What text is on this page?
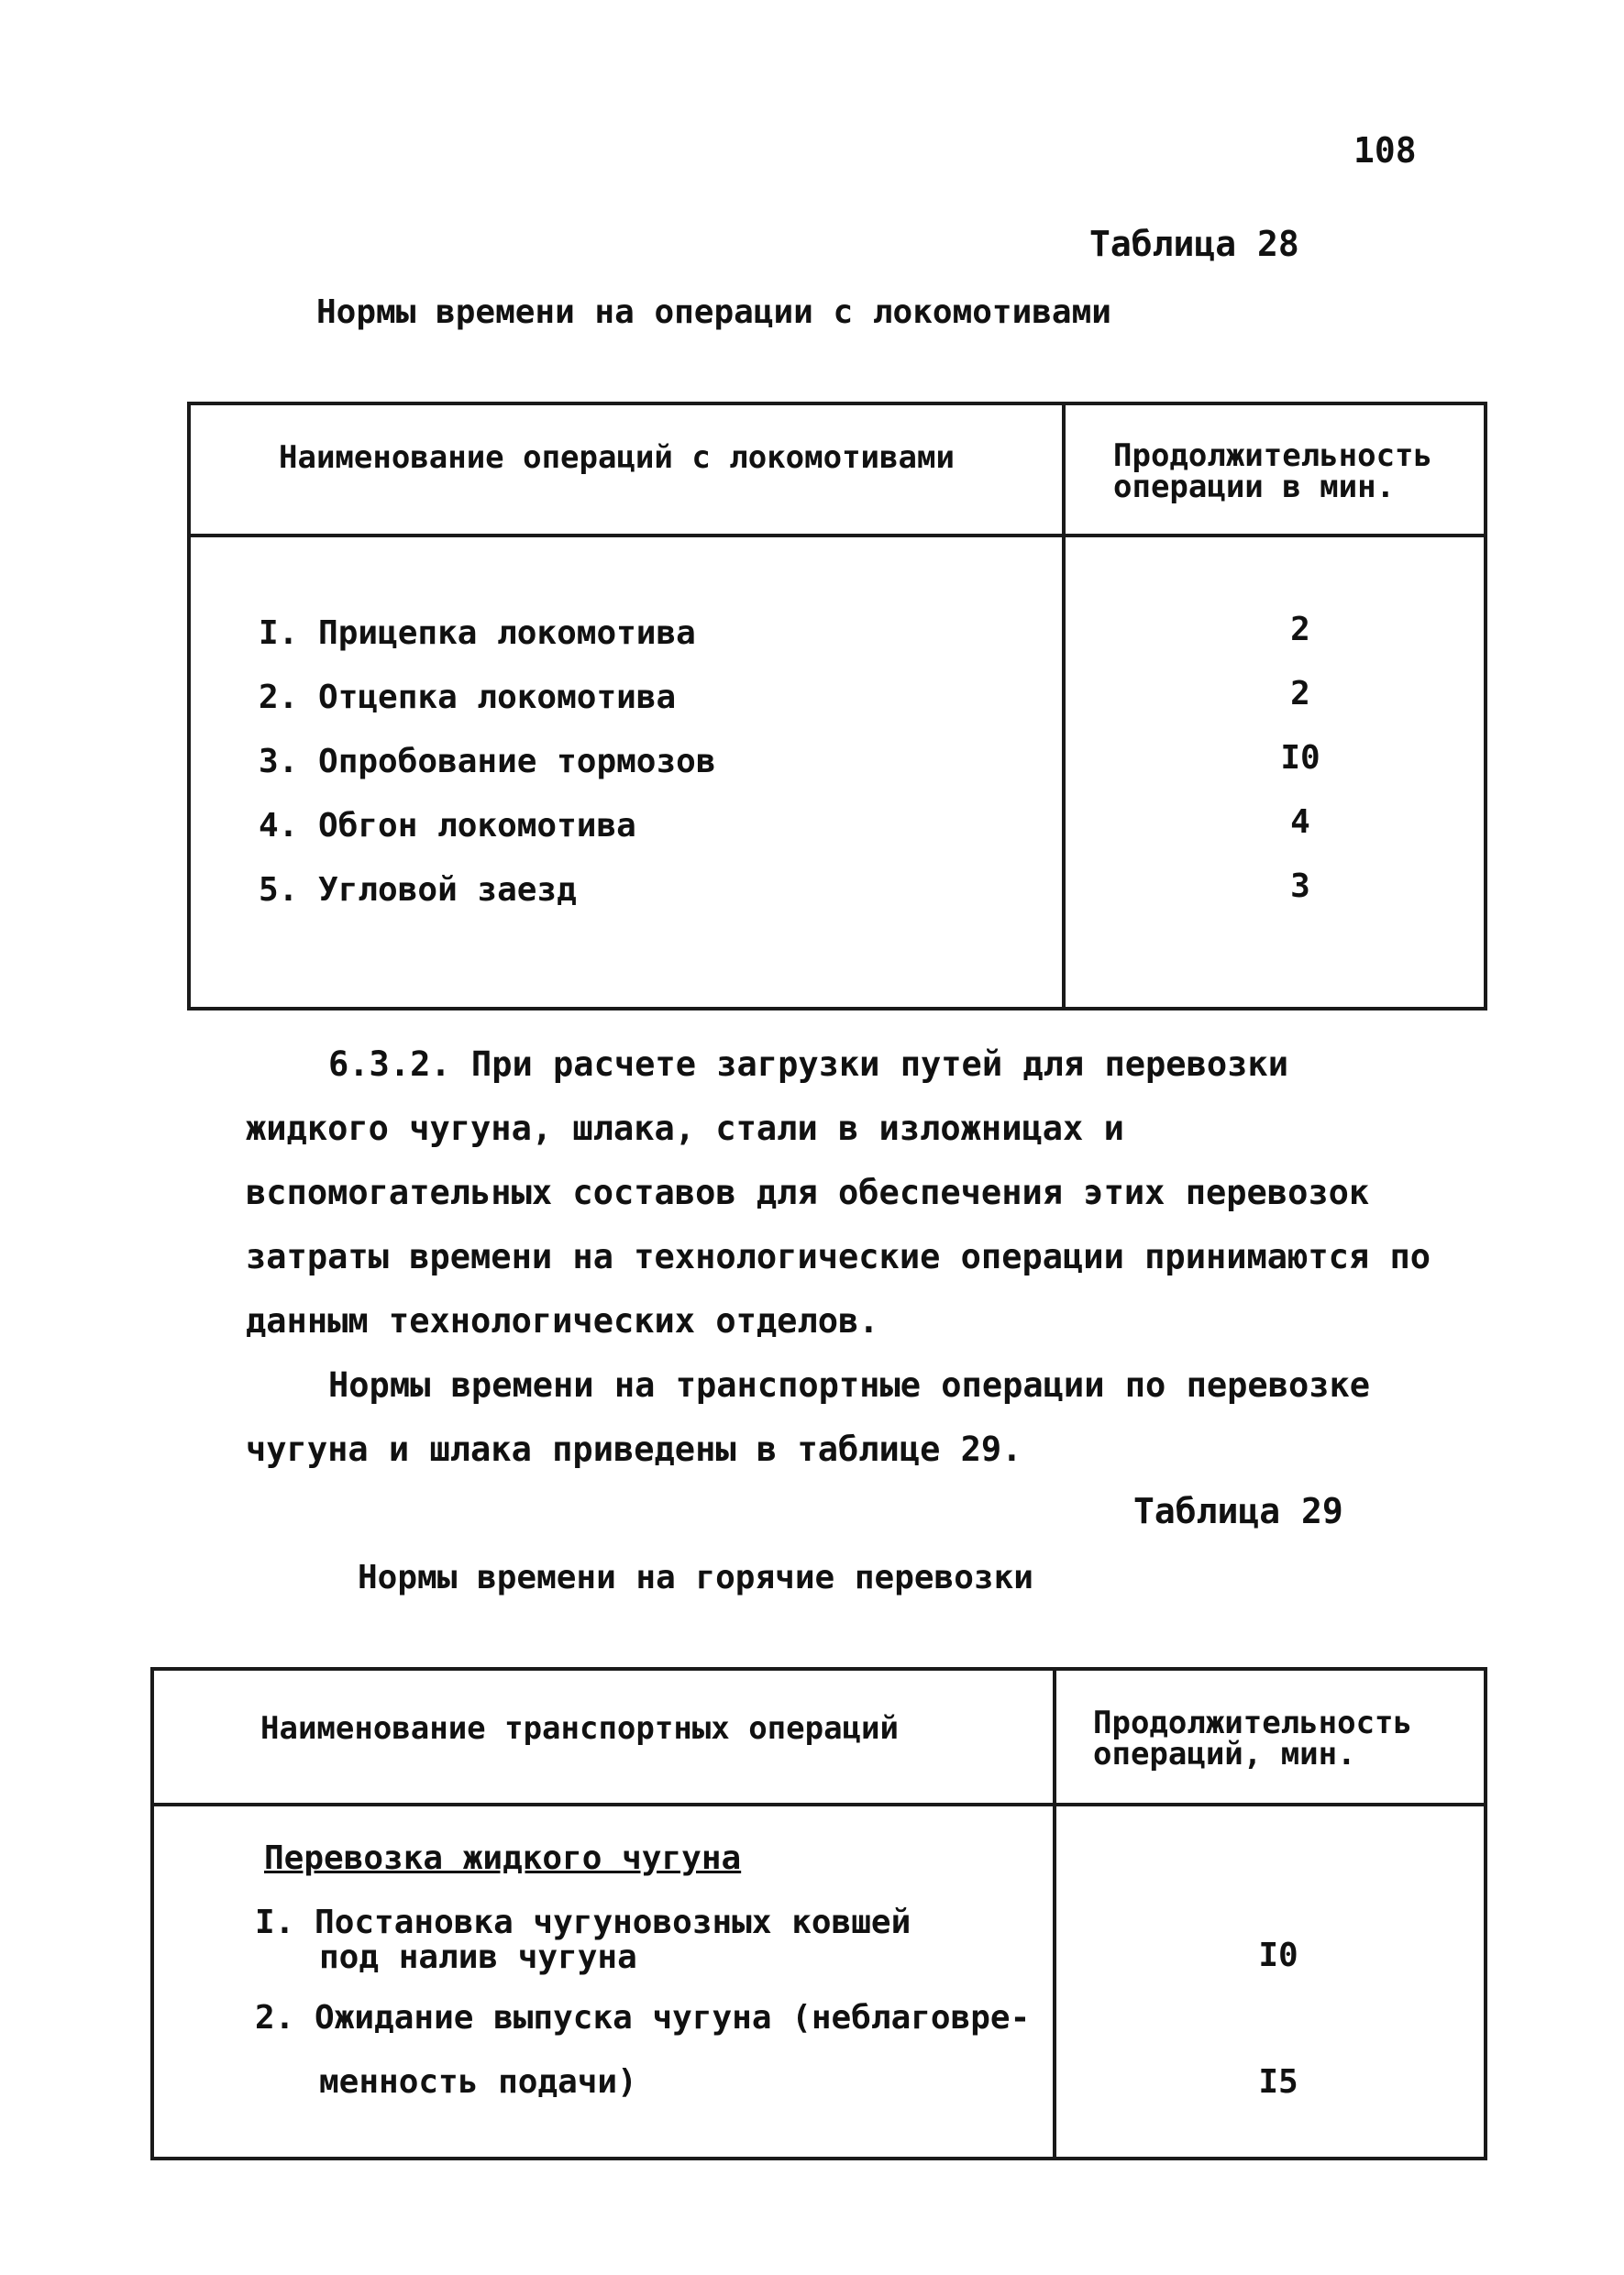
108
Таблица 28
Нормы времени на операции с локомотивами
Наименование операций с локомотивами	Продолжительность
операции в мин.
I. Прицепка локомотива	2
2. Отцепка локомотива	2
3. Опробование тормозов	I0
4. Обгон локомотива	4
5. Угловой заезд	3

6.3.2. При расчете загрузки путей для перевозки жидкого чугуна, шлака, стали в изложницах и вспомогательных составов для обеспечения этих перевозок затраты времени на технологические операции принимаются по данным технологических отделов.

Нормы времени на транспортные операции по перевозке чугуна и шлака приведены в таблице 29.

Таблица 29
Нормы времени на горячие перевозки
Наименование транспортных операций	Продолжительность
операций, мин.
Перевозка жидкого чугуна
I. Постановка чугуновозных ковшей
под налив чугуна	I0
2. Ожидание выпуска чугуна (неблаговре-
менность подачи)	I5
